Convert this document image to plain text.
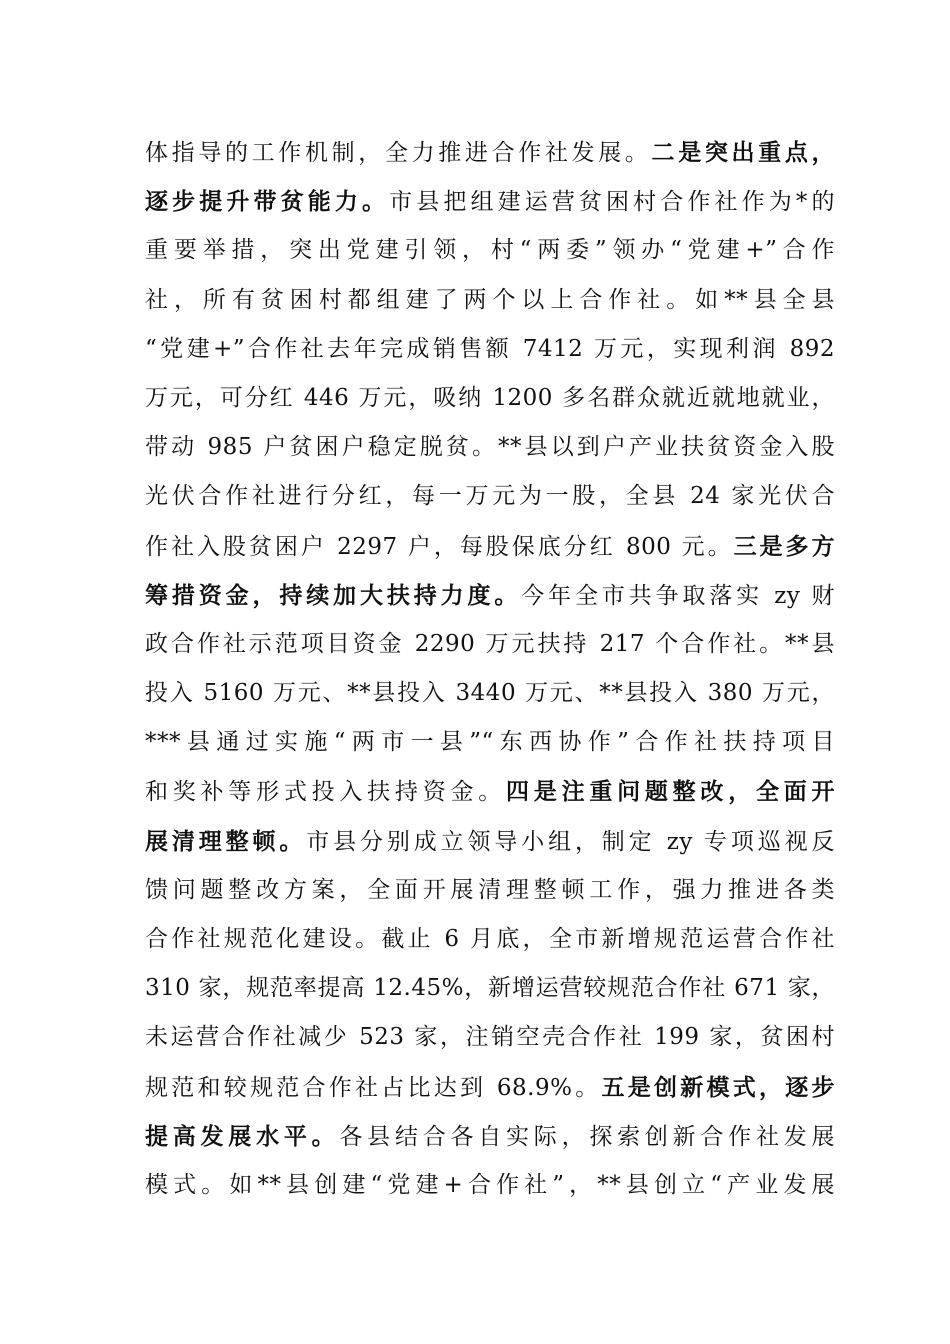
体指导的工作机制，全力推进合作社发展。二是突出重点，
逐步提升带贫能力。市县把组建运营贫困村合作社作为*的
重要举措，突出党建引领，村“两委”领办“党建+”合作
社，所有贫困村都组建了两个以上合作社。如**县全县
“党建+”合作社去年完成销售额 7412 万元，实现利润 892
万元，可分红 446 万元，吸纳 1200 多名群众就近就地就业，
带动 985 户贫困户稳定脱贫。**县以到户产业扶贫资金入股
光伏合作社进行分红，每一万元为一股，全县 24 家光伏合
作社入股贫困户 2297 户，每股保底分红 800 元。三是多方
筹措资金，持续加大扶持力度。今年全市共争取落实 zy 财
政合作社示范项目资金 2290 万元扶持 217 个合作社。**县
投入 5160 万元、**县投入 3440 万元、**县投入 380 万元，
***县通过实施“两市一县”“东西协作”合作社扶持项目
和奖补等形式投入扶持资金。四是注重问题整改，全面开
展清理整顿。市县分别成立领导小组，制定 zy 专项巡视反
馈问题整改方案，全面开展清理整顿工作，强力推进各类
合作社规范化建设。截止 6 月底，全市新增规范运营合作社
310 家，规范率提高 12.45%，新增运营较规范合作社 671 家，
未运营合作社减少 523 家，注销空壳合作社 199 家，贫困村
规范和较规范合作社占比达到 68.9%。五是创新模式，逐步
提高发展水平。各县结合各自实际，探索创新合作社发展
模式。如**县创建“党建+合作社”，**县创立“产业发展
